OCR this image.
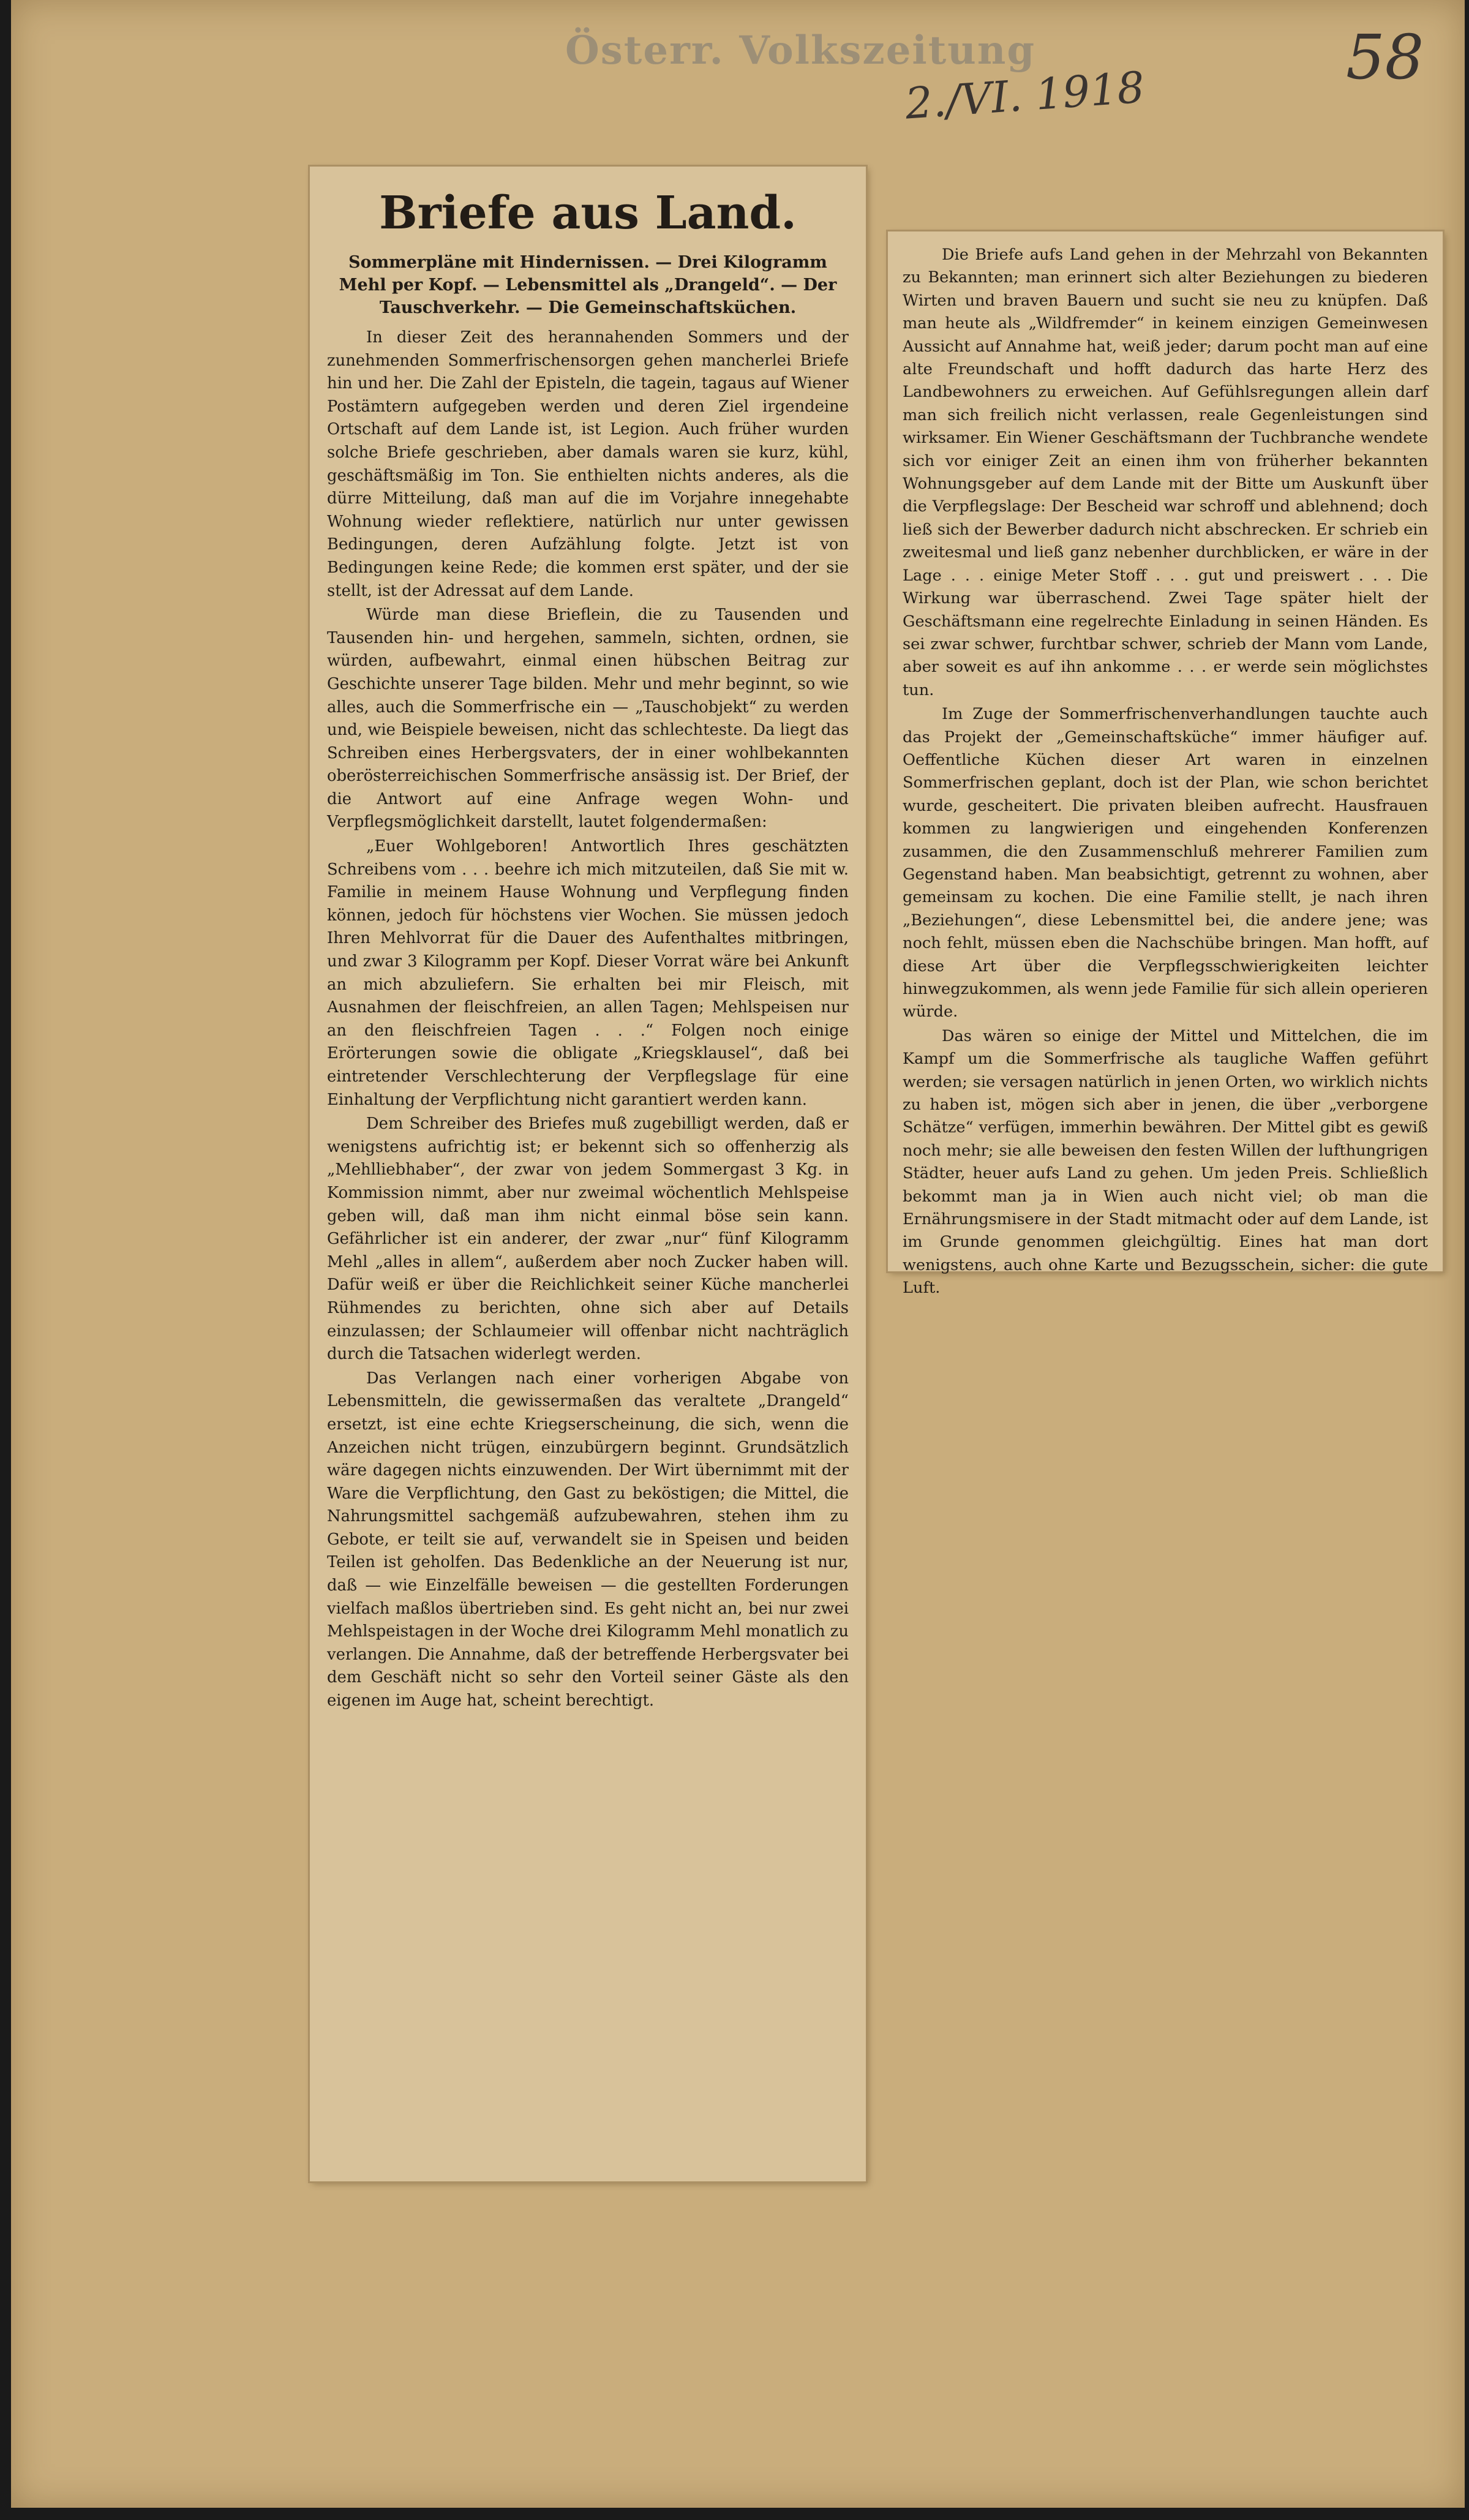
Österr. Volkszeitung
2./VI. 1918
58
Briefe aus Land.
Sommerpläne mit Hindernissen. — Drei Kilogramm Mehl per Kopf. — Lebensmittel als „Drangeld“. — Der Tauschverkehr. — Die Gemeinschaftsküchen.

In dieser Zeit des herannahenden Sommers und der zunehmenden Sommerfrischensorgen gehen mancherlei Briefe hin und her. Die Zahl der Episteln, die tagein, tagaus auf Wiener Postämtern aufgegeben werden und deren Ziel irgendeine Ortschaft auf dem Lande ist, ist Legion. Auch früher wurden solche Briefe geschrieben, aber damals waren sie kurz, kühl, geschäftsmäßig im Ton. Sie enthielten nichts anderes, als die dürre Mitteilung, daß man auf die im Vorjahre innegehabte Wohnung wieder reflektiere, natürlich nur unter gewissen Bedingungen, deren Aufzählung folgte. Jetzt ist von Bedingungen keine Rede; die kommen erst später, und der sie stellt, ist der Adressat auf dem Lande.

Würde man diese Brieflein, die zu Tausenden und Tausenden hin- und hergehen, sammeln, sichten, ordnen, sie würden, aufbewahrt, einmal einen hübschen Beitrag zur Geschichte unserer Tage bilden. Mehr und mehr beginnt, so wie alles, auch die Sommerfrische ein — „Tauschobjekt“ zu werden und, wie Beispiele beweisen, nicht das schlechteste. Da liegt das Schreiben eines Herbergsvaters, der in einer wohlbekannten oberösterreichischen Sommerfrische ansässig ist. Der Brief, der die Antwort auf eine Anfrage wegen Wohn- und Verpflegsmöglichkeit darstellt, lautet folgendermaßen:

„Euer Wohlgeboren! Antwortlich Ihres geschätzten Schreibens vom . . . beehre ich mich mitzuteilen, daß Sie mit w. Familie in meinem Hause Wohnung und Verpflegung finden können, jedoch für höchstens vier Wochen. Sie müssen jedoch Ihren Mehlvorrat für die Dauer des Aufenthaltes mitbringen, und zwar 3 Kilogramm per Kopf. Dieser Vorrat wäre bei Ankunft an mich abzuliefern. Sie erhalten bei mir Fleisch, mit Ausnahmen der fleischfreien, an allen Tagen; Mehlspeisen nur an den fleischfreien Tagen . . .“ Folgen noch einige Erörterungen sowie die obligate „Kriegsklausel“, daß bei eintretender Verschlechterung der Verpflegslage für eine Einhaltung der Verpflichtung nicht garantiert werden kann.

Dem Schreiber des Briefes muß zugebilligt werden, daß er wenigstens aufrichtig ist; er bekennt sich so offenherzig als „Mehlliebhaber“, der zwar von jedem Sommergast 3 Kg. in Kommission nimmt, aber nur zweimal wöchentlich Mehlspeise geben will, daß man ihm nicht einmal böse sein kann. Gefährlicher ist ein anderer, der zwar „nur“ fünf Kilogramm Mehl „alles in allem“, außerdem aber noch Zucker haben will. Dafür weiß er über die Reichlichkeit seiner Küche mancherlei Rühmendes zu berichten, ohne sich aber auf Details einzulassen; der Schlaumeier will offenbar nicht nachträglich durch die Tatsachen widerlegt werden.

Das Verlangen nach einer vorherigen Abgabe von Lebensmitteln, die gewissermaßen das veraltete „Drangeld“ ersetzt, ist eine echte Kriegserscheinung, die sich, wenn die Anzeichen nicht trügen, einzubürgern beginnt. Grundsätzlich wäre dagegen nichts einzuwenden. Der Wirt übernimmt mit der Ware die Verpflichtung, den Gast zu beköstigen; die Mittel, die Nahrungsmittel sachgemäß aufzubewahren, stehen ihm zu Gebote, er teilt sie auf, verwandelt sie in Speisen und beiden Teilen ist geholfen. Das Bedenkliche an der Neuerung ist nur, daß — wie Einzelfälle beweisen — die gestellten Forderungen vielfach maßlos übertrieben sind. Es geht nicht an, bei nur zwei Mehlspeistagen in der Woche drei Kilogramm Mehl monatlich zu verlangen. Die Annahme, daß der betreffende Herbergsvater bei dem Geschäft nicht so sehr den Vorteil seiner Gäste als den eigenen im Auge hat, scheint berechtigt.

Die Briefe aufs Land gehen in der Mehrzahl von Bekannten zu Bekannten; man erinnert sich alter Beziehungen zu biederen Wirten und braven Bauern und sucht sie neu zu knüpfen. Daß man heute als „Wildfremder“ in keinem einzigen Gemeinwesen Aussicht auf Annahme hat, weiß jeder; darum pocht man auf eine alte Freundschaft und hofft dadurch das harte Herz des Landbewohners zu erweichen. Auf Gefühlsregungen allein darf man sich freilich nicht verlassen, reale Gegenleistungen sind wirksamer. Ein Wiener Geschäftsmann der Tuchbranche wendete sich vor einiger Zeit an einen ihm von früherher bekannten Wohnungsgeber auf dem Lande mit der Bitte um Auskunft über die Verpflegslage: Der Bescheid war schroff und ablehnend; doch ließ sich der Bewerber dadurch nicht abschrecken. Er schrieb ein zweitesmal und ließ ganz nebenher durchblicken, er wäre in der Lage . . . einige Meter Stoff . . . gut und preiswert . . . Die Wirkung war überraschend. Zwei Tage später hielt der Geschäftsmann eine regelrechte Einladung in seinen Händen. Es sei zwar schwer, furchtbar schwer, schrieb der Mann vom Lande, aber soweit es auf ihn ankomme . . . er werde sein möglichstes tun.

Im Zuge der Sommerfrischenverhandlungen tauchte auch das Projekt der „Gemeinschaftsküche“ immer häufiger auf. Oeffentliche Küchen dieser Art waren in einzelnen Sommerfrischen geplant, doch ist der Plan, wie schon berichtet wurde, gescheitert. Die privaten bleiben aufrecht. Hausfrauen kommen zu langwierigen und eingehenden Konferenzen zusammen, die den Zusammenschluß mehrerer Familien zum Gegenstand haben. Man beabsichtigt, getrennt zu wohnen, aber gemeinsam zu kochen. Die eine Familie stellt, je nach ihren „Beziehungen“, diese Lebensmittel bei, die andere jene; was noch fehlt, müssen eben die Nachschübe bringen. Man hofft, auf diese Art über die Verpflegsschwierigkeiten leichter hinwegzukommen, als wenn jede Familie für sich allein operieren würde.

Das wären so einige der Mittel und Mittelchen, die im Kampf um die Sommerfrische als taugliche Waffen geführt werden; sie versagen natürlich in jenen Orten, wo wirklich nichts zu haben ist, mögen sich aber in jenen, die über „verborgene Schätze“ verfügen, immerhin bewähren. Der Mittel gibt es gewiß noch mehr; sie alle beweisen den festen Willen der lufthungrigen Städter, heuer aufs Land zu gehen. Um jeden Preis. Schließlich bekommt man ja in Wien auch nicht viel; ob man die Ernährungsmisere in der Stadt mitmacht oder auf dem Lande, ist im Grunde genommen gleichgültig. Eines hat man dort wenigstens, auch ohne Karte und Bezugsschein, sicher: die gute Luft.
